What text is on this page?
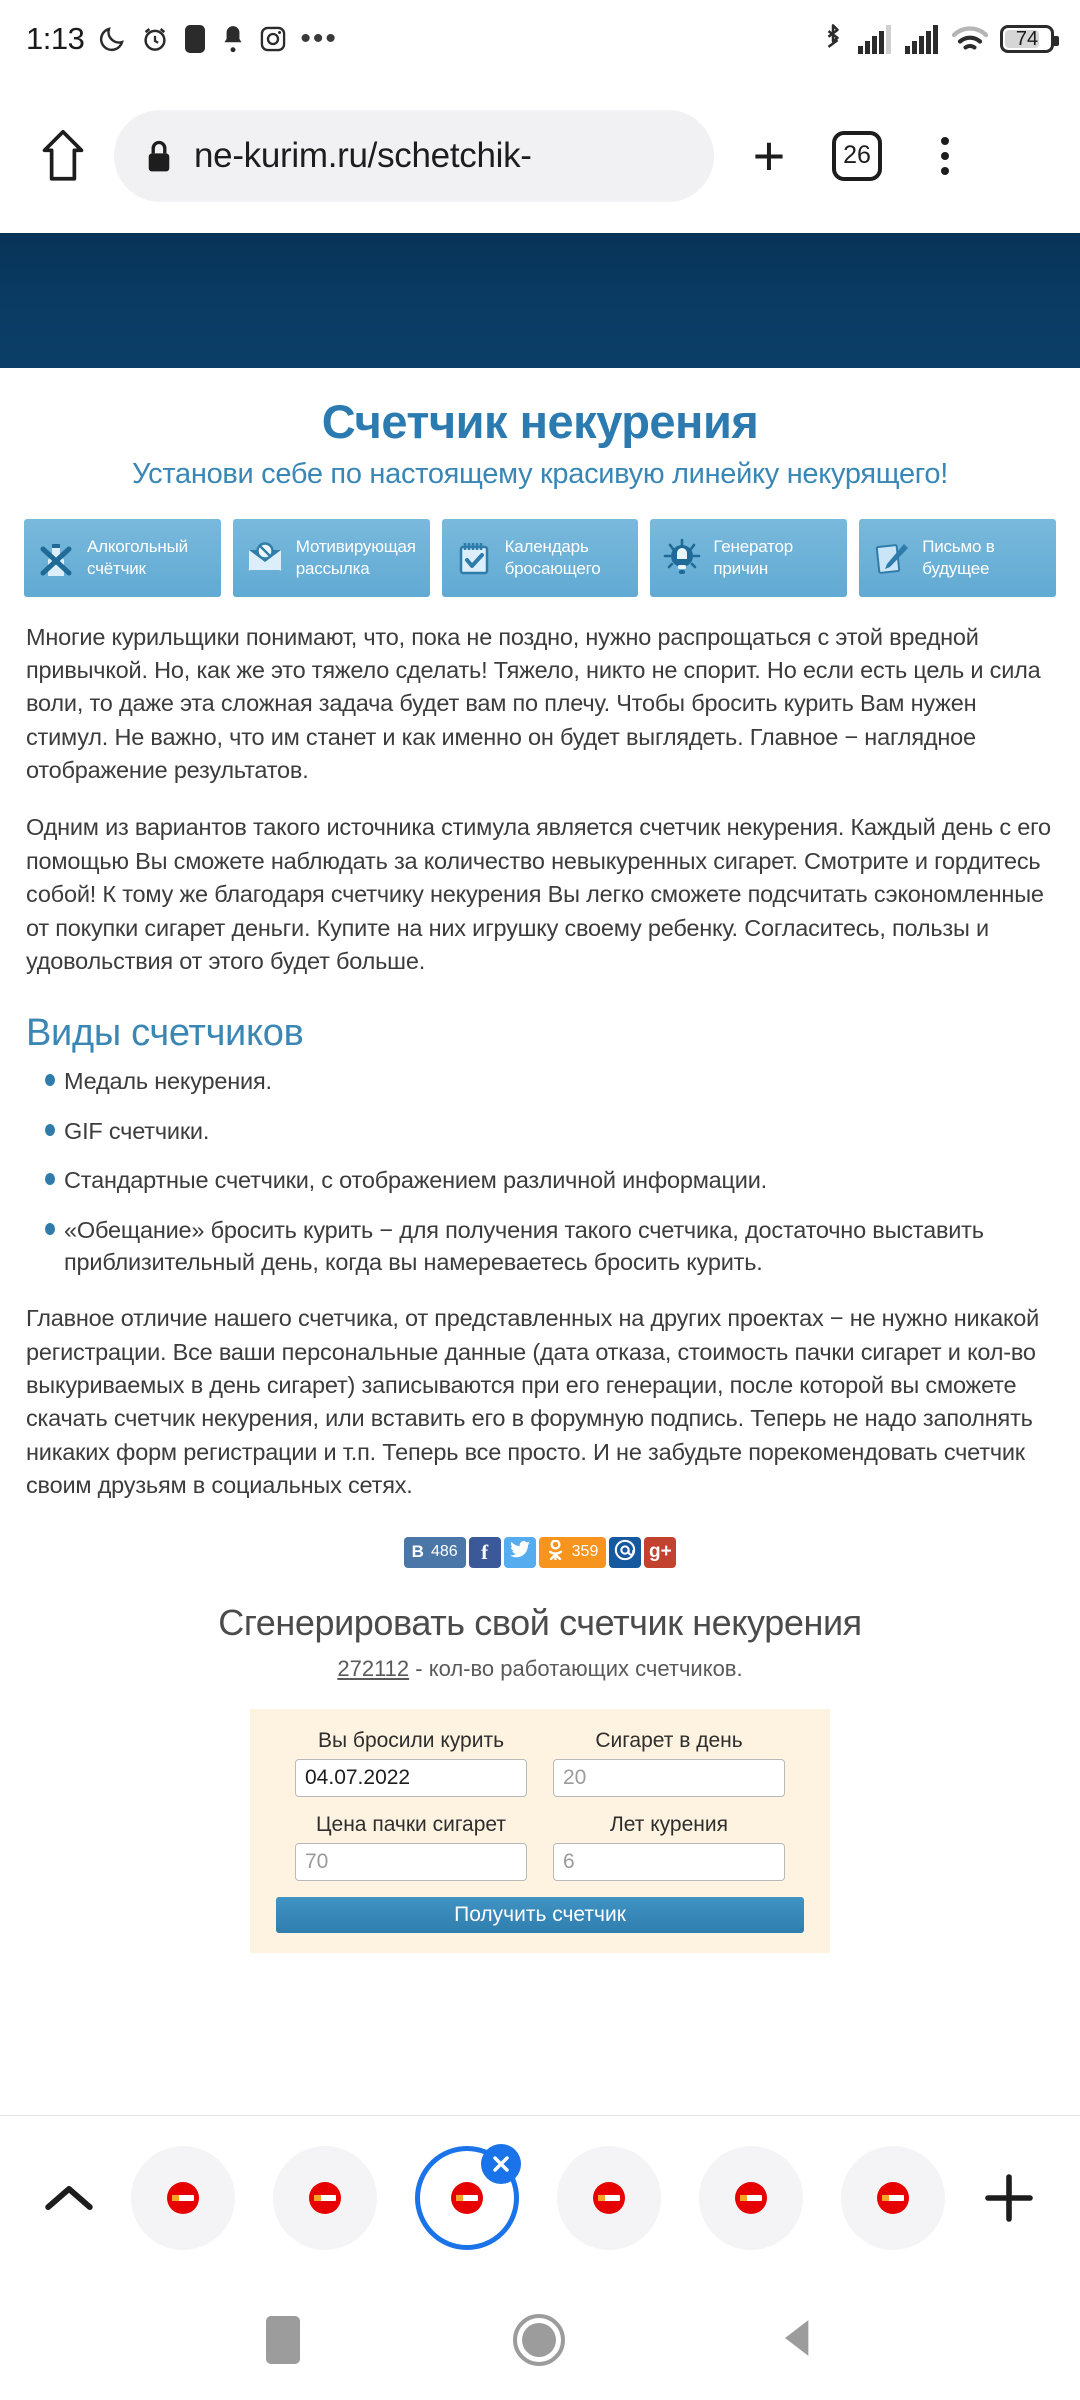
1:13	•••	74
ne-kurim.ru/schetchik-	+	26
Счетчик некурения
Установи себе по настоящему красивую линейку некурящего!
Алкогольный
счётчик
Мотивирующая
рассылка
Календарь
бросающего
Генератор
причин
Письмо в
будущее

Многие курильщики понимают, что, пока не поздно, нужно распрощаться с этой вредной привычкой. Но, как же это тяжело сделать! Тяжело, никто не спорит. Но если есть цель и сила воли, то даже эта сложная задача будет вам по плечу. Чтобы бросить курить Вам нужен стимул. Не важно, что им станет и как именно он будет выглядеть. Главное − наглядное отображение результатов.

Одним из вариантов такого источника стимула является счетчик некурения. Каждый день с его помощью Вы сможете наблюдать за количество невыкуренных сигарет. Смотрите и гордитесь собой! К тому же благодаря счетчику некурения Вы легко сможете подсчитать сэкономленные от покупки сигарет деньги. Купите на них игрушку своему ребенку. Согласитесь, пользы и удовольствия от этого будет больше.

Виды счетчиков
Медаль некурения.
GIF счетчики.
Стандартные счетчики, с отображением различной информации.
«Обещание» бросить курить − для получения такого счетчика, достаточно выставить приблизительный день, когда вы намереваетесь бросить курить.

Главное отличие нашего счетчика, от представленных на других проектах − не нужно никакой регистрации. Все ваши персональные данные (дата отказа, стоимость пачки сигарет и кол-во выкуриваемых в день сигарет) записываются при его генерации, после которой вы сможете скачать счетчик некурения, или вставить его в форумную подпись. Теперь не надо заполнять никаких форм регистрации и т.п. Теперь все просто. И не забудьте порекомендовать счетчик своим друзьям в социальных сетях.

B 486 f	359	g+
Сгенерировать свой счетчик некурения
272112 - кол-во работающих счетчиков.
Вы бросили курить
04.07.2022
Сигарет в день
20
Цена пачки сигарет
70
Лет курения
6
Получить счетчик
